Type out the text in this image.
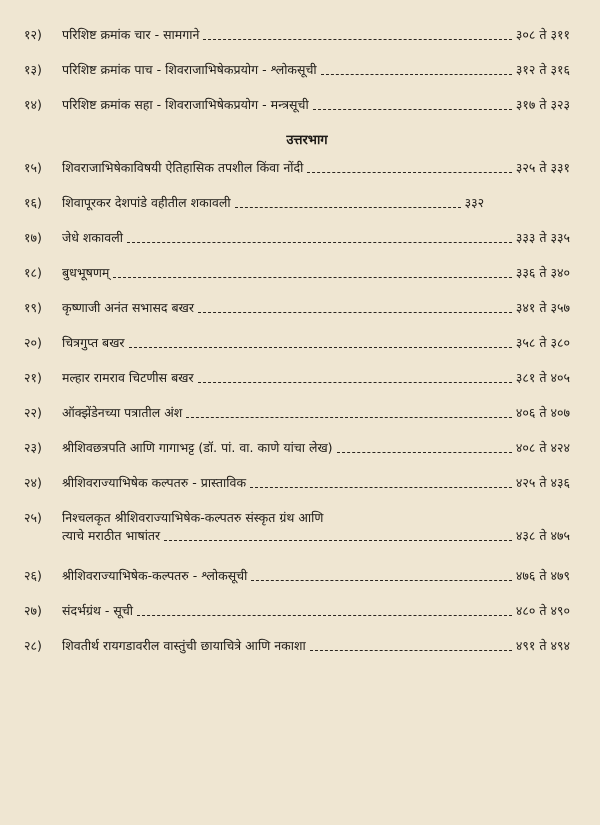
१२)	परिशिष्ट क्रमांक चार - सामगाने	३०८ ते ३११
१३)	परिशिष्ट क्रमांक पाच - शिवराजाभिषेकप्रयोग - श्लोकसूची	३१२ ते ३१६
१४)	परिशिष्ट क्रमांक सहा - शिवराजाभिषेकप्रयोग - मन्त्रसूची	३१७ ते ३२३
उत्तरभाग
१५)	शिवराजाभिषेकाविषयी ऐतिहासिक तपशील किंवा नोंदी	३२५ ते ३३१
१६)	शिवापूरकर देशपांडे वहीतील शकावली	३३२
१७)	जेधे शकावली	३३३ ते ३३५
१८)	बुधभूषणम्	३३६ ते ३४०
१९)	कृष्णाजी अनंत सभासद बखर	३४१ ते ३५७
२०)	चित्रगुप्त बखर	३५८ ते ३८०
२१)	मल्हार रामराव चिटणीस बखर	३८१ ते ४०५
२२)	ऑक्झेंडेनच्या पत्रातील अंश	४०६ ते ४०७
२३)	श्रीशिवछत्रपति आणि गागाभट्ट (डॉ. पां. वा. काणे यांचा लेख)	४०८ ते ४२४
२४)	श्रीशिवराज्याभिषेक कल्पतरु - प्रास्ताविक	४२५ ते ४३६
२५)	निश्चलकृत श्रीशिवराज्याभिषेक-कल्पतरु संस्कृत ग्रंथ आणि
त्याचे मराठीत भाषांतर	४३८ ते ४७५
२६)	श्रीशिवराज्याभिषेक-कल्पतरु - श्लोकसूची	४७६ ते ४७९
२७)	संदर्भग्रंथ - सूची	४८० ते ४९०
२८)	शिवतीर्थ रायगडावरील वास्तुंची छायाचित्रे आणि नकाशा	४९१ ते ४९४
